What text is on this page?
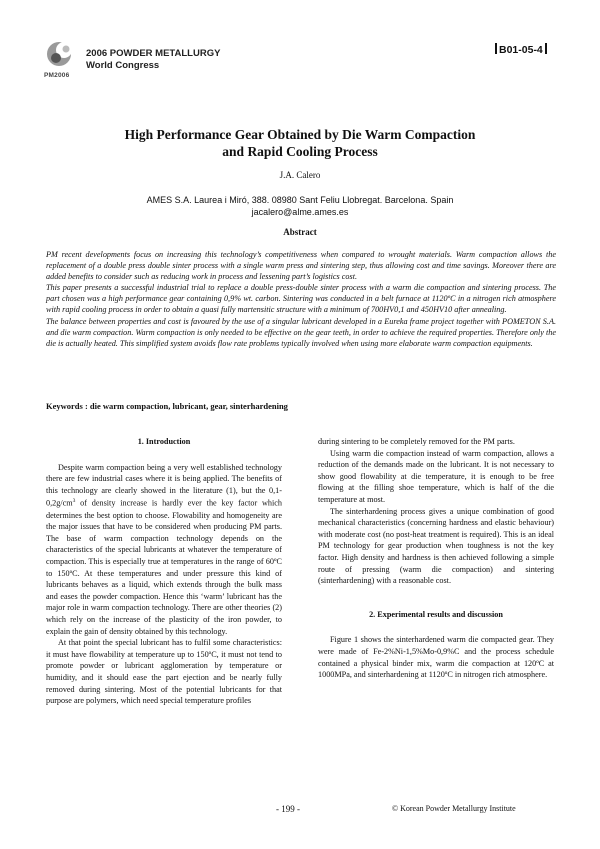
PM2006
2006 POWDER METALLURGY
World Congress
B01-05-4
High Performance Gear Obtained by Die Warm Compaction
and Rapid Cooling Process
J.A. Calero
AMES S.A. Laurea i Miró, 388. 08980 Sant Feliu Llobregat. Barcelona. Spain
jacalero@alme.ames.es
Abstract

PM recent developments focus on increasing this technology’s competitiveness when compared to wrought materials. Warm compaction allows the replacement of a double press double sinter process with a single warm press and sintering step, thus allowing cost and time savings. Moreover there are added benefits to consider such as reducing work in process and lessening part’s logistics cost.

This paper presents a successful industrial trial to replace a double press-double sinter process with a warm die compaction and sintering process. The part chosen was a high performance gear containing 0,9% wt. carbon. Sintering was conducted in a belt furnace at 1120ºC in a nitrogen rich atmosphere with rapid cooling process in order to obtain a quasi fully martensitic structure with a minimum of 700HV0,1 and 450HV10 after annealing.

The balance between properties and cost is favoured by the use of a singular lubricant developed in a Eureka frame project together with POMETON S.A. and die warm compaction. Warm compaction is only needed to be effective on the gear teeth, in order to achieve the required properties. Therefore only the die is actually heated. This simplified system avoids flow rate problems typically involved when using more elaborate warm compaction equipments.

Keywords : die warm compaction, lubricant, gear, sinterhardening

1. Introduction

Despite warm compaction being a very well established technology there are few industrial cases where it is being applied. The benefits of this technology are clearly showed in the literature (1), but the $0,1-0,2g/cm^3$ of density increase is hardly ever the key factor which determines the best option to choose. Flowability and homogeneity are the major issues that have to be considered when producing PM parts. The base of warm compaction technology depends on the characteristics of the special lubricants at whatever the temperature of compaction. This is especially true at temperatures in the range of 60ºC to 150ºC. At these temperatures and under pressure this kind of lubricants behaves as a liquid, which extends through the bulk mass and eases the powder compaction. Hence this ‘warm’ lubricant has the major role in warm compaction technology. There are other theories (2) which rely on the increase of the plasticity of the iron powder, to explain the gain of density obtained by this technology.

At that point the special lubricant has to fulfil some characteristics: it must have flowability at temperature up to 150ºC, it must not tend to promote powder or lubricant agglomeration by temperature or humidity, and it should ease the part ejection and be nearly fully removed during sintering. Most of the potential lubricants for that purpose are polymers, which need special temperature profiles

during sintering to be completely removed for the PM parts.

Using warm die compaction instead of warm compaction, allows a reduction of the demands made on the lubricant. It is not necessary to show good flowability at die temperature, it is enough to be free flowing at the filling shoe temperature, which is half of the die temperature at most.

The sinterhardening process gives a unique combination of good mechanical characteristics (concerning hardness and elastic behaviour) with moderate cost (no post-heat treatment is required). This is an ideal PM technology for gear production when toughness is not the key factor. High density and hardness is then achieved following a simple route of pressing (warm die compaction) and sintering (sinterhardening) with a reasonable cost.

2. Experimental results and discussion

Figure 1 shows the sinterhardened warm die compacted gear. They were made of Fe-2%Ni-1,5%Mo-0,9%C and the process schedule contained a physical binder mix, warm die compaction at 120ºC at 1000MPa, and sinterhardening at 1120ºC in nitrogen rich atmosphere.

- 199 -	© Korean Powder Metallurgy Institute
